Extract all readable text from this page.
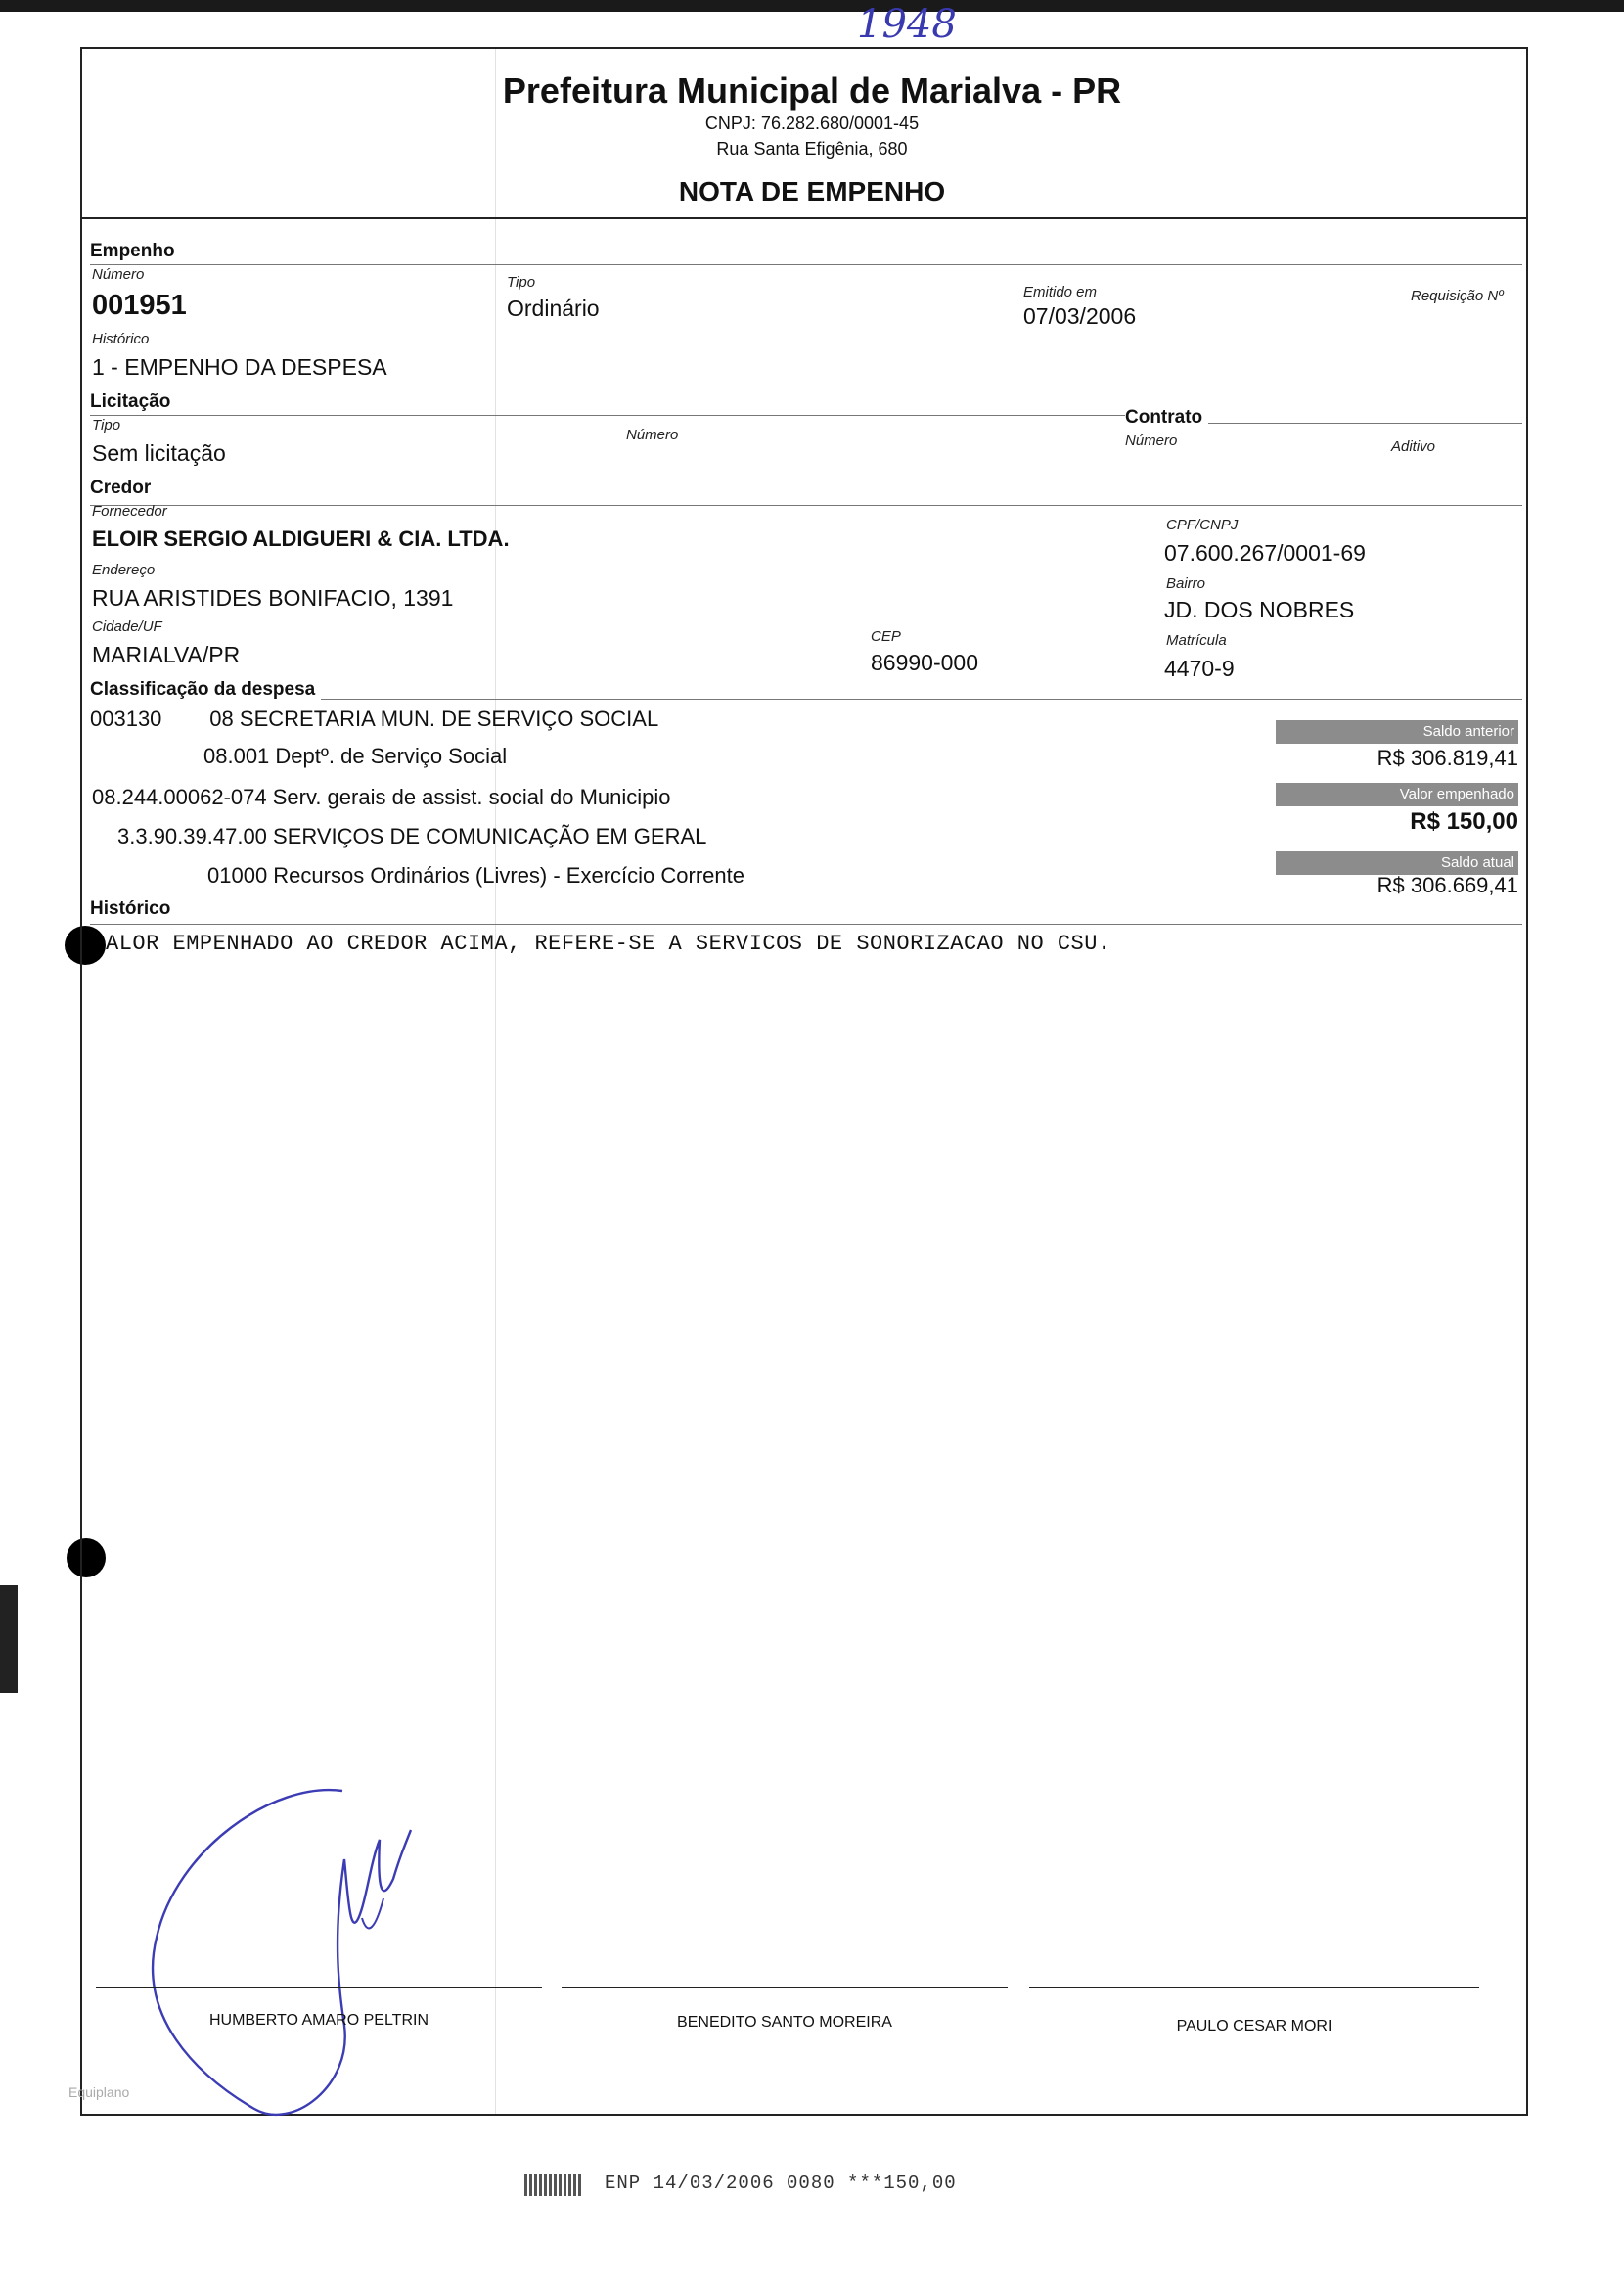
1948
Prefeitura Municipal de Marialva - PR
CNPJ: 76.282.680/0001-45
Rua Santa Efigênia, 680
NOTA DE EMPENHO
Empenho
Número
001951
Tipo
Ordinário
Emitido em
07/03/2006
Requisição Nº
Histórico
1 - EMPENHO DA DESPESA
Licitação
Tipo
Sem licitação
Número
Contrato
Número	Aditivo
Credor
Fornecedor
ELOIR SERGIO ALDIGUERI & CIA. LTDA.
CPF/CNPJ
07.600.267/0001-69
Endereço
RUA ARISTIDES BONIFACIO, 1391
Bairro
JD. DOS NOBRES
Cidade/UF
MARIALVA/PR
CEP
86990-000
Matrícula
4470-9
Classificação da despesa
003130        08 SECRETARIA MUN. DE SERVIÇO SOCIAL
08.001 Deptº. de Serviço Social
08.244.00062-074 Serv. gerais de assist. social do Municipio
3.3.90.39.47.00 SERVIÇOS DE COMUNICAÇÃO EM GERAL
01000 Recursos Ordinários (Livres) - Exercício Corrente
Saldo anterior
R$ 306.819,41
Valor empenhado
R$ 150,00
Saldo atual
R$ 306.669,41
Histórico
ALOR EMPENHADO AO CREDOR ACIMA, REFERE-SE A SERVICOS DE SONORIZACAO NO CSU.
HUMBERTO AMARO PELTRIN	BENEDITO SANTO MOREIRA	PAULO CESAR MORI
Equiplano
ENP 14/03/2006 0080 ***150,00
